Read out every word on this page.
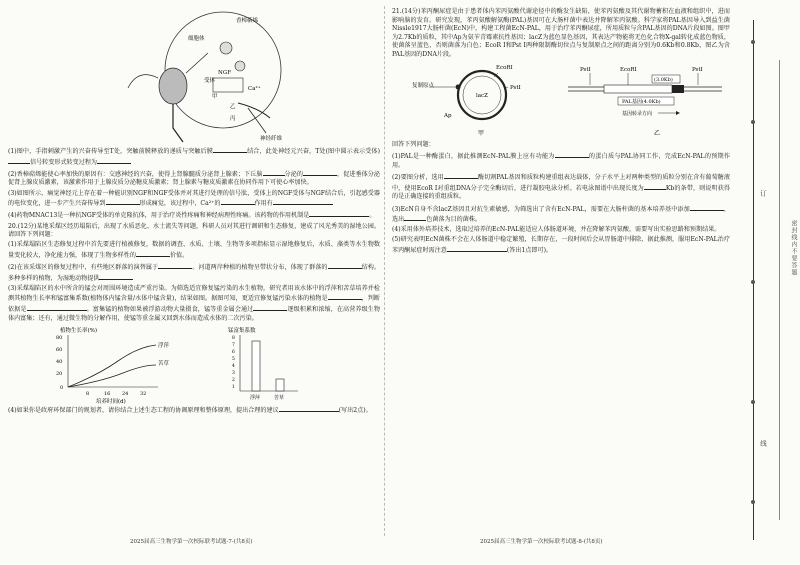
香樟萜烯
细胞体
NGF
受体
甲
乙
丙
Ca²⁺
神经纤维

(1)图中，手指刺激产生的兴奋传导至T处，突触前膜释放的递质与突触后膜	结合，此处神经元兴奋，T处(图中圆示表示受体)信号转变形式转变过程为

(2)香樟萜烯能使心率加快的原因有：交感神经的兴奋，使得上肾腺髓质分泌肾上腺素；下丘脑	分泌的	，促进垂体分泌促肾上腺皮质激素，该激素作用于上腺皮质分泌糖皮质激素；肾上腺素与糖皮质激素在协同作用下可使心率加快。

(3)如图所示，痛觉神经元上存在着一种能识别NGF和NGF受体并对其进行处理的信号肽，受体上的NGF受体与NGF结合后，引起感受器的电位变化，进一步产生兴奋传导到	形成痛觉，该过程中，Ca²⁺的	作用有

(4)药物MNAC13是一种抗NGF受体的单克隆抗体，用于治疗炎性疼痛和神经病理性疼痛。该药物的作用机制是	。

20.(12分)某地采煤区经历塌陷后，出现了水质恶化、水土流失等问题，科研人员对其进行调研和生态修复，建成了风光秀美的湿地公园。请回答下列问题：

(1)采煤塌陷区生态修复过程中首先要进行植被修复，数据的调查、水质、土壤、生物等多项指标显示湿地修复后，水质、藻类等水生物数量变化较大，净化能力强，体现了生物多样性的	价值。

(2)在该采煤区的修复过程中，有些地区群落的演替属于	。河道两岸种植的植物呈带状分布，体现了群落的	结构。多种多样的植物，为湿地动物提供

(3)采煤塌陷区的水中所含的锰会对周围环境造成严重污染。为筛选适宜修复锰污染的水生植物，研究者用该水体中的浮萍和苦草培养并检测其植物生长率和锰富集系数(植物体内锰含量/水体中锰含量)，结果如图。据图可知，更适宜修复锰污染水体的植物是	，判断依据是	。富集锰的植物如果被浮游动物大量摄食，锰等重金属会通过	逐级积累和浓缩，在高营养级生物体内富集；还有，通过微生物的分解作用，使锰等重金属又回到水体而造成水体的二次污染。

植物生长率(%)
80
60
40
20
0
8	16 24 32
浮萍
苦草
培养时间(d)
锰富集系数
8
7
6
5
4
3
2
1
浮萍	苦草

(4)如果你是政府环保部门的规划者，请你结合上述生态工程的协调原理和整体原理，提出合理的建议	(写出2点)。

2025届高三生物学第一次校际联考试题-7-(共8页)

21.(14分)苯丙酮尿症是由于患者体内苯丙氨酸代谢途径中的酶发生缺陷，使苯丙氨酸及其代谢物蓄积在血液和组织中，进而影响脑的发育。研究发现，苯丙氨酸解氨酶(PAL)基因可在大肠杆菌中表达并降解苯丙氨酸。科学家将PAL基因导入到益生菌Nissle1917大肠杆菌(EcN)中，构建工程菌EcN-PAL，用于治疗苯丙酮尿症，所用质粒与含PAL基因的DNA片段如图。图甲为2.7Kb的质粒，其中Ap为氨苄青霉素抗性基因；lacZ为蓝色显色基因，其表达产物能将无色化合物X-gal转化成蓝色物质，使菌落呈蓝色，否则菌落为白色；EcoR I和Pst I两种限制酶切位点与复制原点之间的距离分别为0.6Kb和0.8Kb，图乙为含PAL基因的DNA片段。

复制原点
lacZ
Ap
EcoRI
PstI
甲
PstI	EcoRI	PstI
(3.0Kb)
PAL基因(4.0Kb)
基因转录方向
乙

回答下列问题：

(1)PAL是一种酶蛋白，据此推测EcN-PAL膜上应有功能为	的蛋白质与PAL协同工作，完成EcN-PAL的预期作用。

(2)要图分析，选用	酶切割PAL基因和质粒构建重组表达载体，分子水平上对两种类型的质粒分别在含有葡萄糖液中，使用EcoR I对重组DNA分子完全酶切后，进行凝胶电泳分析。若电泳图谱中出现长度为	Kb的条带，则说明获得的是正确连接的重组质粒。

(3)EcN自身不含lacZ基因且对抗生素敏感，为筛选出了含有EcN-PAL，需要在大肠杆菌的基本培养基中添加	，选出	色菌落为目的菌株。

(4)采用体外培养技术，选取过培养的EcN-PAL能适应人体肠道环境，并在降解苯丙氨酸，需要写出实验思路和预期结果。

(5)研究表明EcN菌株不会在人体肠道中稳定繁殖，长期存在，一段时间后会从胃肠道中排除，据此推测，服用EcN-PAL治疗苯丙酮尿症时需注意	(答出1点即可)。

2025届高三生物学第一次校际联考试题-8-(共8页)
订
线
密封线内不要答题
